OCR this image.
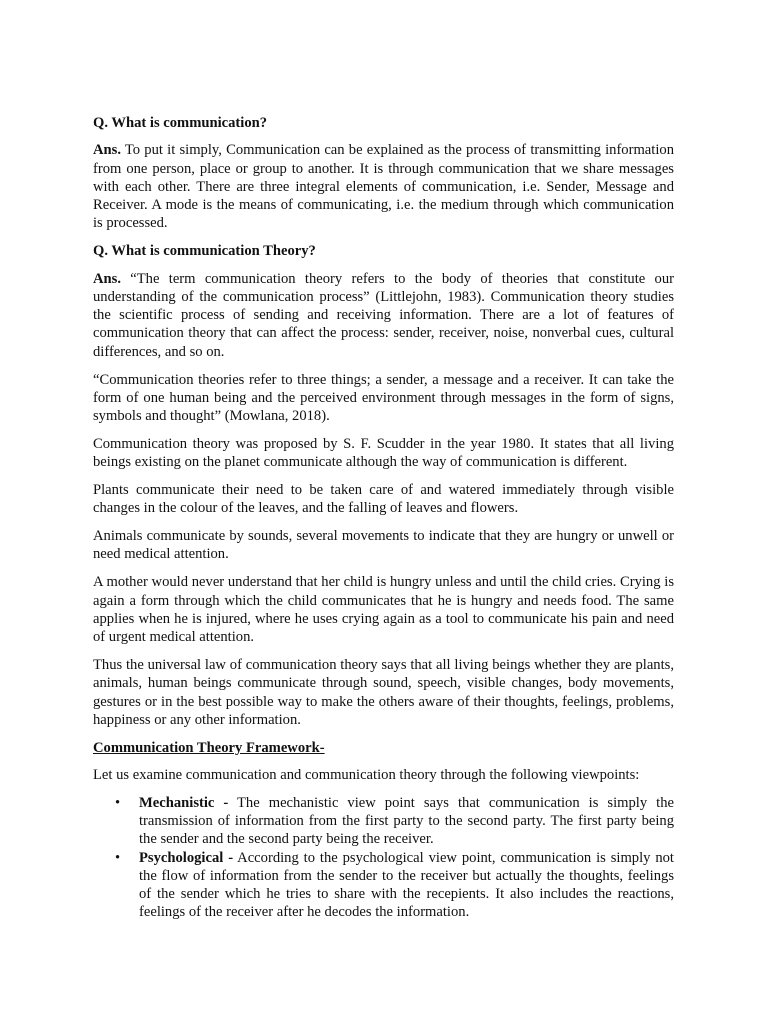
Q. What is communication?
Ans. To put it simply, Communication can be explained as the process of transmitting information from one person, place or group to another. It is through communication that we share messages with each other. There are three integral elements of communication, i.e. Sender, Message and Receiver. A mode is the means of communicating, i.e. the medium through which communication is processed.
Q. What is communication Theory?
Ans. “The term communication theory refers to the body of theories that constitute our understanding of the communication process” (Littlejohn, 1983). Communication theory studies the scientific process of sending and receiving information. There are a lot of features of communication theory that can affect the process: sender, receiver, noise, nonverbal cues, cultural differences, and so on.
“Communication theories refer to three things; a sender, a message and a receiver. It can take the form of one human being and the perceived environment through messages in the form of signs, symbols and thought” (Mowlana, 2018).
Communication theory was proposed by S. F. Scudder in the year 1980. It states that all living beings existing on the planet communicate although the way of communication is different.
Plants communicate their need to be taken care of and watered immediately through visible changes in the colour of the leaves, and the falling of leaves and flowers.
Animals communicate by sounds, several movements to indicate that they are hungry or unwell or need medical attention.
A mother would never understand that her child is hungry unless and until the child cries. Crying is again a form through which the child communicates that he is hungry and needs food. The same applies when he is injured, where he uses crying again as a tool to communicate his pain and need of urgent medical attention.
Thus the universal law of communication theory says that all living beings whether they are plants, animals, human beings communicate through sound, speech, visible changes, body movements, gestures or in the best possible way to make the others aware of their thoughts, feelings, problems, happiness or any other information.
Communication Theory Framework-
Let us examine communication and communication theory through the following viewpoints:
• Mechanistic - The mechanistic view point says that communication is simply the transmission of information from the first party to the second party. The first party being the sender and the second party being the receiver.
• Psychological - According to the psychological view point, communication is simply not the flow of information from the sender to the receiver but actually the thoughts, feelings of the sender which he tries to share with the recepients. It also includes the reactions, feelings of the receiver after he decodes the information.
